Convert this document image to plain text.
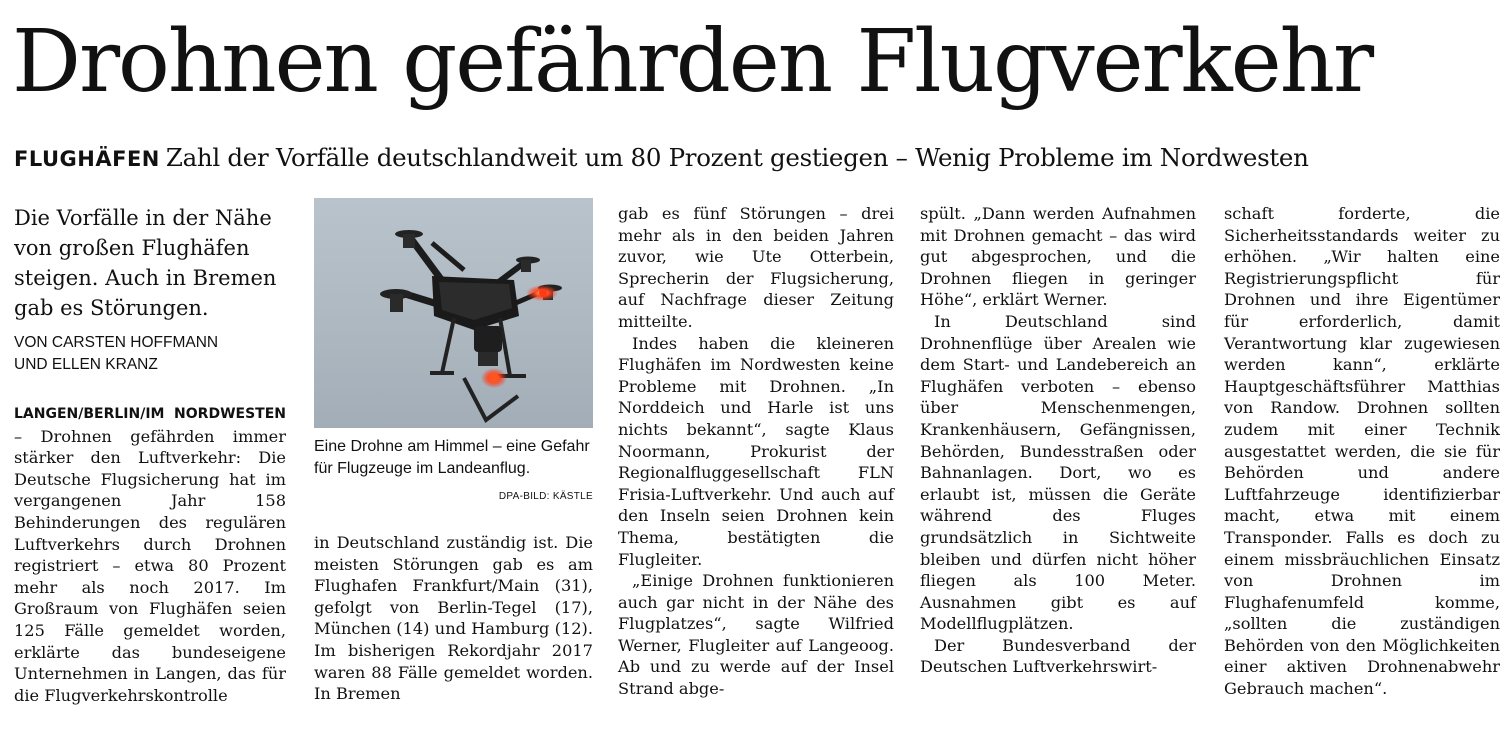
Drohnen gefährden Flugverkehr
FLUGHÄFEN Zahl der Vorfälle deutschlandweit um 80 Prozent gestiegen – Wenig Probleme im Nordwesten
Die Vorfälle in der Nähe von großen Flughäfen steigen. Auch in Bremen gab es Störungen.
VON CARSTEN HOFFMANN
UND ELLEN KRANZ

LANGEN/BERLIN/IM NORDWESTEN – Drohnen gefährden immer stärker den Luftverkehr: Die Deutsche Flugsicherung hat im vergangenen Jahr 158 Behinderungen des regulären Luftverkehrs durch Drohnen registriert – etwa 80 Prozent mehr als noch 2017. Im Großraum von Flughäfen seien 125 Fälle gemeldet worden, erklärte das bundeseigene Unternehmen in Langen, das für die Flugverkehrskontrolle

Eine Drohne am Himmel – eine Gefahr für Flugzeuge im Landeanflug.
DPA-BILD: KÄSTLE

in Deutschland zuständig ist. Die meisten Störungen gab es am Flughafen Frankfurt/Main (31), gefolgt von Berlin-Tegel (17), München (14) und Hamburg (12). Im bisherigen Rekordjahr 2017 waren 88 Fälle gemeldet worden. In Bremen

gab es fünf Störungen – drei mehr als in den beiden Jahren zuvor, wie Ute Otterbein, Sprecherin der Flugsicherung, auf Nachfrage dieser Zeitung mitteilte.

Indes haben die kleineren Flughäfen im Nordwesten keine Probleme mit Drohnen. „In Norddeich und Harle ist uns nichts bekannt“, sagte Klaus Noormann, Prokurist der Regionalfluggesellschaft FLN Frisia-Luftverkehr. Und auch auf den Inseln seien Drohnen kein Thema, bestätigten die Flugleiter.

„Einige Drohnen funktionieren auch gar nicht in der Nähe des Flugplatzes“, sagte Wilfried Werner, Flugleiter auf Langeoog. Ab und zu werde auf der Insel Strand abge-

spült. „Dann werden Aufnahmen mit Drohnen gemacht – das wird gut abgesprochen, und die Drohnen fliegen in geringer Höhe“, erklärt Werner.

In Deutschland sind Drohnenflüge über Arealen wie dem Start- und Landebereich an Flughäfen verboten – ebenso über Menschenmengen, Krankenhäusern, Gefängnissen, Behörden, Bundesstraßen oder Bahnanlagen. Dort, wo es erlaubt ist, müssen die Geräte während des Fluges grundsätzlich in Sichtweite bleiben und dürfen nicht höher fliegen als 100 Meter. Ausnahmen gibt es auf Modellflugplätzen.

Der Bundesverband der Deutschen Luftverkehrswirt-

schaft forderte, die Sicherheitsstandards weiter zu erhöhen. „Wir halten eine Registrierungspflicht für Drohnen und ihre Eigentümer für erforderlich, damit Verantwortung klar zugewiesen werden kann“, erklärte Hauptgeschäftsführer Matthias von Randow. Drohnen sollten zudem mit einer Technik ausgestattet werden, die sie für Behörden und andere Luftfahrzeuge identifizierbar macht, etwa mit einem Transponder. Falls es doch zu einem missbräuchlichen Einsatz von Drohnen im Flughafenumfeld komme, „sollten die zuständigen Behörden von den Möglichkeiten einer aktiven Drohnenabwehr Gebrauch machen“.
